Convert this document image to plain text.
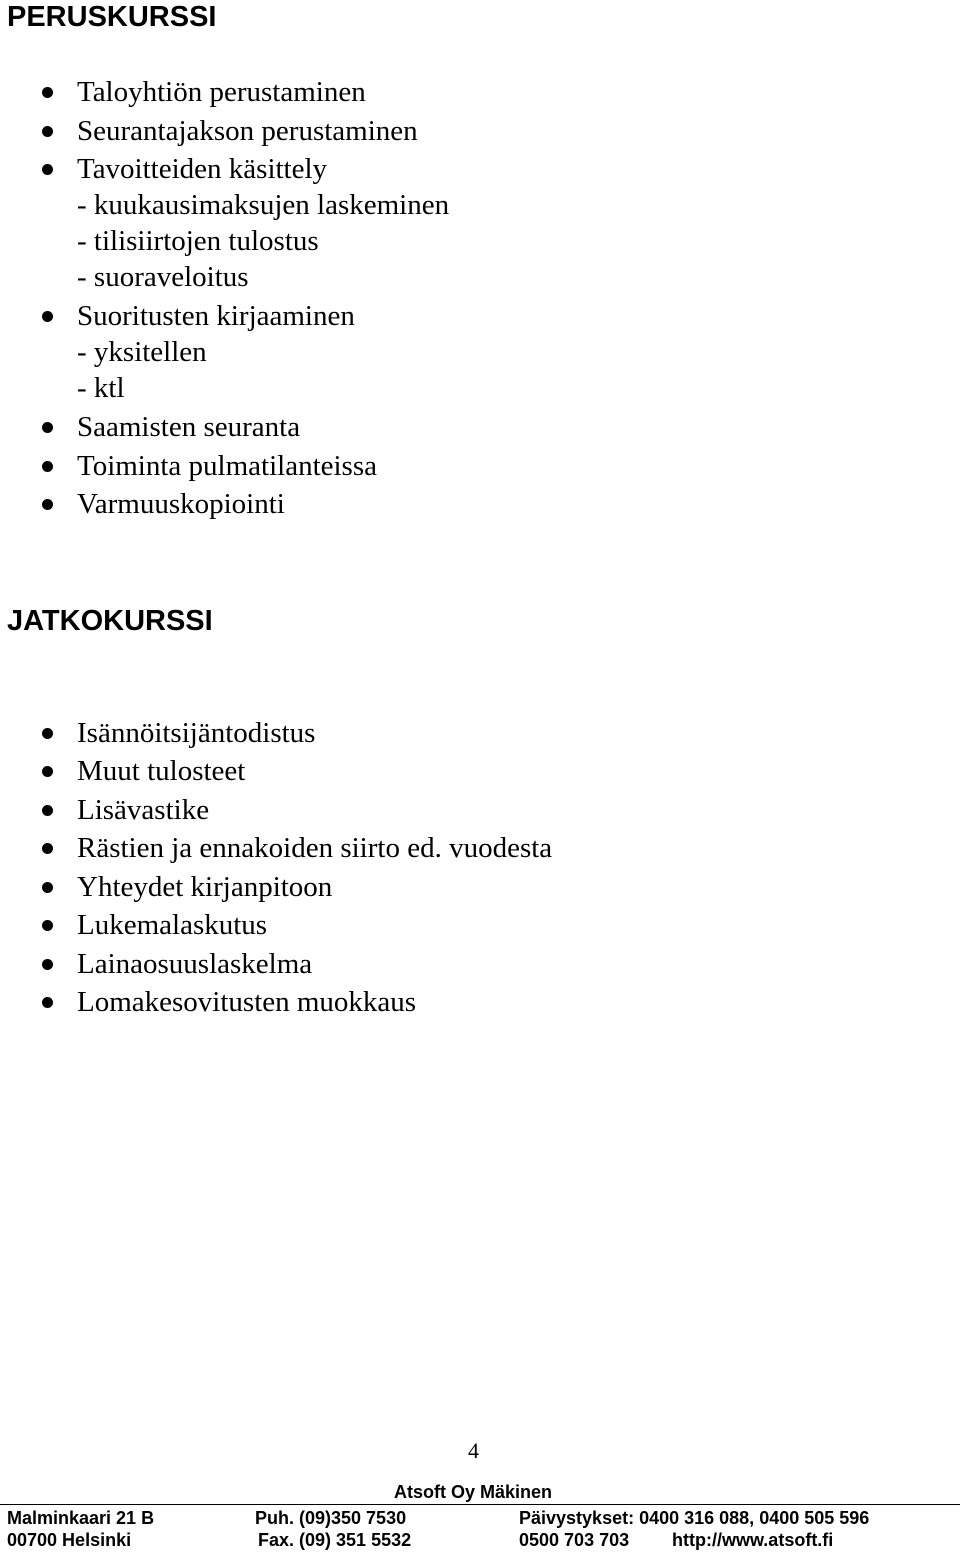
PERUSKURSSI
Taloyhtiön perustaminen
Seurantajakson perustaminen
Tavoitteiden käsittely
- kuukausimaksujen laskeminen
- tilisiirtojen tulostus
- suoraveloitus
Suoritusten kirjaaminen
- yksitellen
- ktl
Saamisten seuranta
Toiminta pulmatilanteissa
Varmuuskopiointi
JATKOKURSSI
Isännöitsijäntodistus
Muut tulosteet
Lisävastike
Rästien ja ennakoiden siirto ed. vuodesta
Yhteydet kirjanpitoon
Lukemalaskutus
Lainaosuuslaskelma
Lomakesovitusten muokkaus
4
Atsoft Oy Mäkinen
Malminkaari 21 B
00700 Helsinki
Puh. (09)350 7530
Fax. (09) 351 5532
Päivystykset: 0400 316 088, 0400 505 596
0500 703 703 http://www.atsoft.fi
